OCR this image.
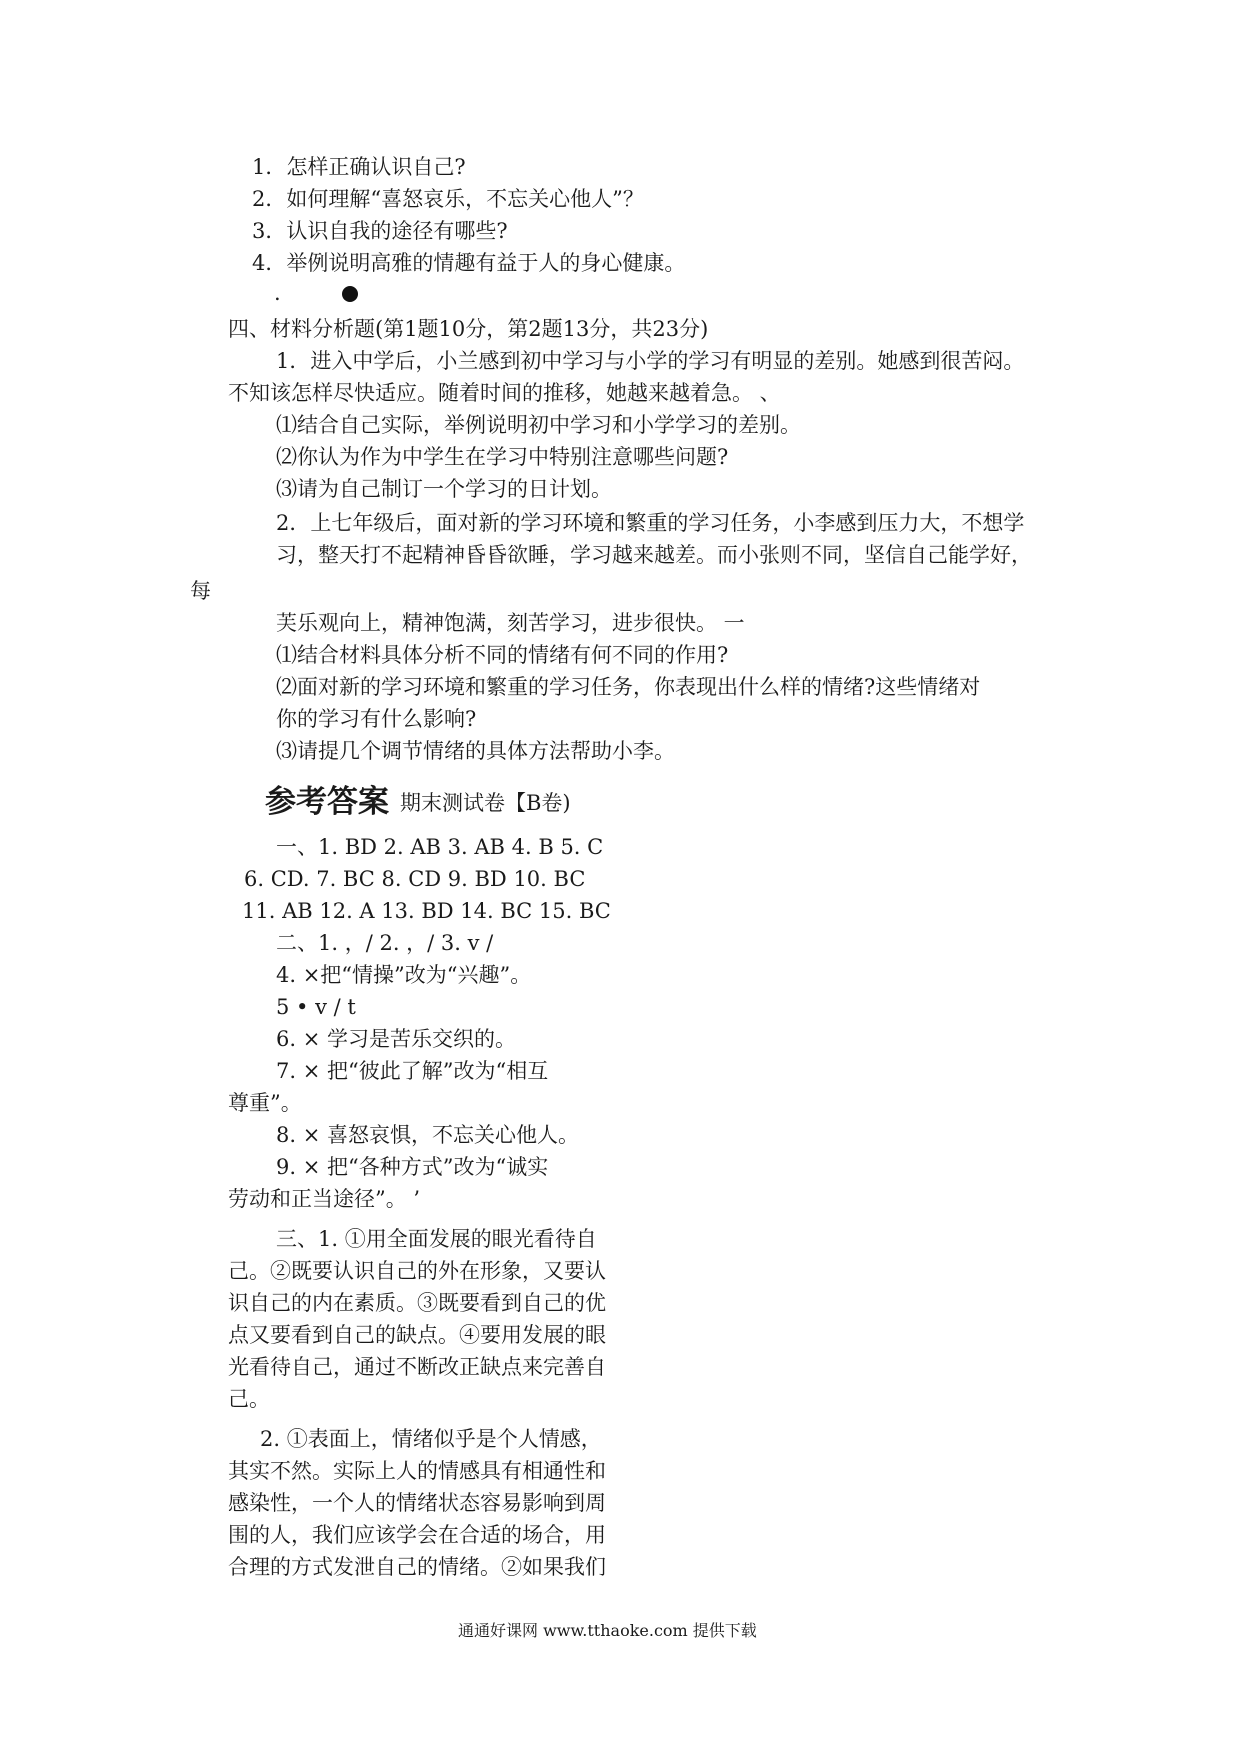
1．怎样正确认识自己?
2．如何理解“喜怒哀乐，不忘关心他人”？
3．认识自我的途径有哪些?
4．举例说明高雅的情趣有益于人的身心健康。
.
四、材料分析题(第1题10分，第2题13分，共23分)
1．进入中学后，小兰感到初中学习与小学的学习有明显的差别。她感到很苦闷。
不知该怎样尽快适应。随着时间的推移，她越来越着急。 、
⑴结合自己实际，举例说明初中学习和小学学习的差别。
⑵你认为作为中学生在学习中特别注意哪些问题?
⑶请为自己制订一个学习的日计划。
2．上七年级后，面对新的学习环境和繁重的学习任务，小李感到压力大，不想学
习，整天打不起精神昏昏欲睡，学习越来越差。而小张则不同，坚信自己能学好，
每
芙乐观向上，精神饱满，刻苦学习，进步很快。 一
⑴结合材料具体分析不同的情绪有何不同的作用?
⑵面对新的学习环境和繁重的学习任务，你表现出什么样的情绪?这些情绪对
你的学习有什么影响?
⑶请提几个调节情绪的具体方法帮助小李。
参考答案 期末测试卷【B卷)
一、1. BD 2. AB 3. AB 4. B 5. C
6. CD. 7. BC 8. CD 9. BD 10. BC
11. AB 12. A 13. BD 14. BC 15. BC
二、1. ，/ 2. ，/ 3. v /
4. ×把“情操”改为“兴趣”。
5 • v / t
6. × 学习是苦乐交织的。
7. × 把“彼此了解”改为“相互
尊重”。
8. × 喜怒哀惧，不忘关心他人。
9. × 把“各种方式”改为“诚实
劳动和正当途径”。 ’
三、1. ①用全面发展的眼光看待自
己。②既要认识自己的外在形象，又要认
识自己的内在素质。③既要看到自己的优
点又要看到自己的缺点。④要用发展的眼
光看待自己，通过不断改正缺点来完善自
己。
2. ①表面上，情绪似乎是个人情感，
其实不然。实际上人的情感具有相通性和
感染性，一个人的情绪状态容易影响到周
围的人，我们应该学会在合适的场合，用
合理的方式发泄自己的情绪。②如果我们
通通好课网 www.tthaoke.com 提供下载
